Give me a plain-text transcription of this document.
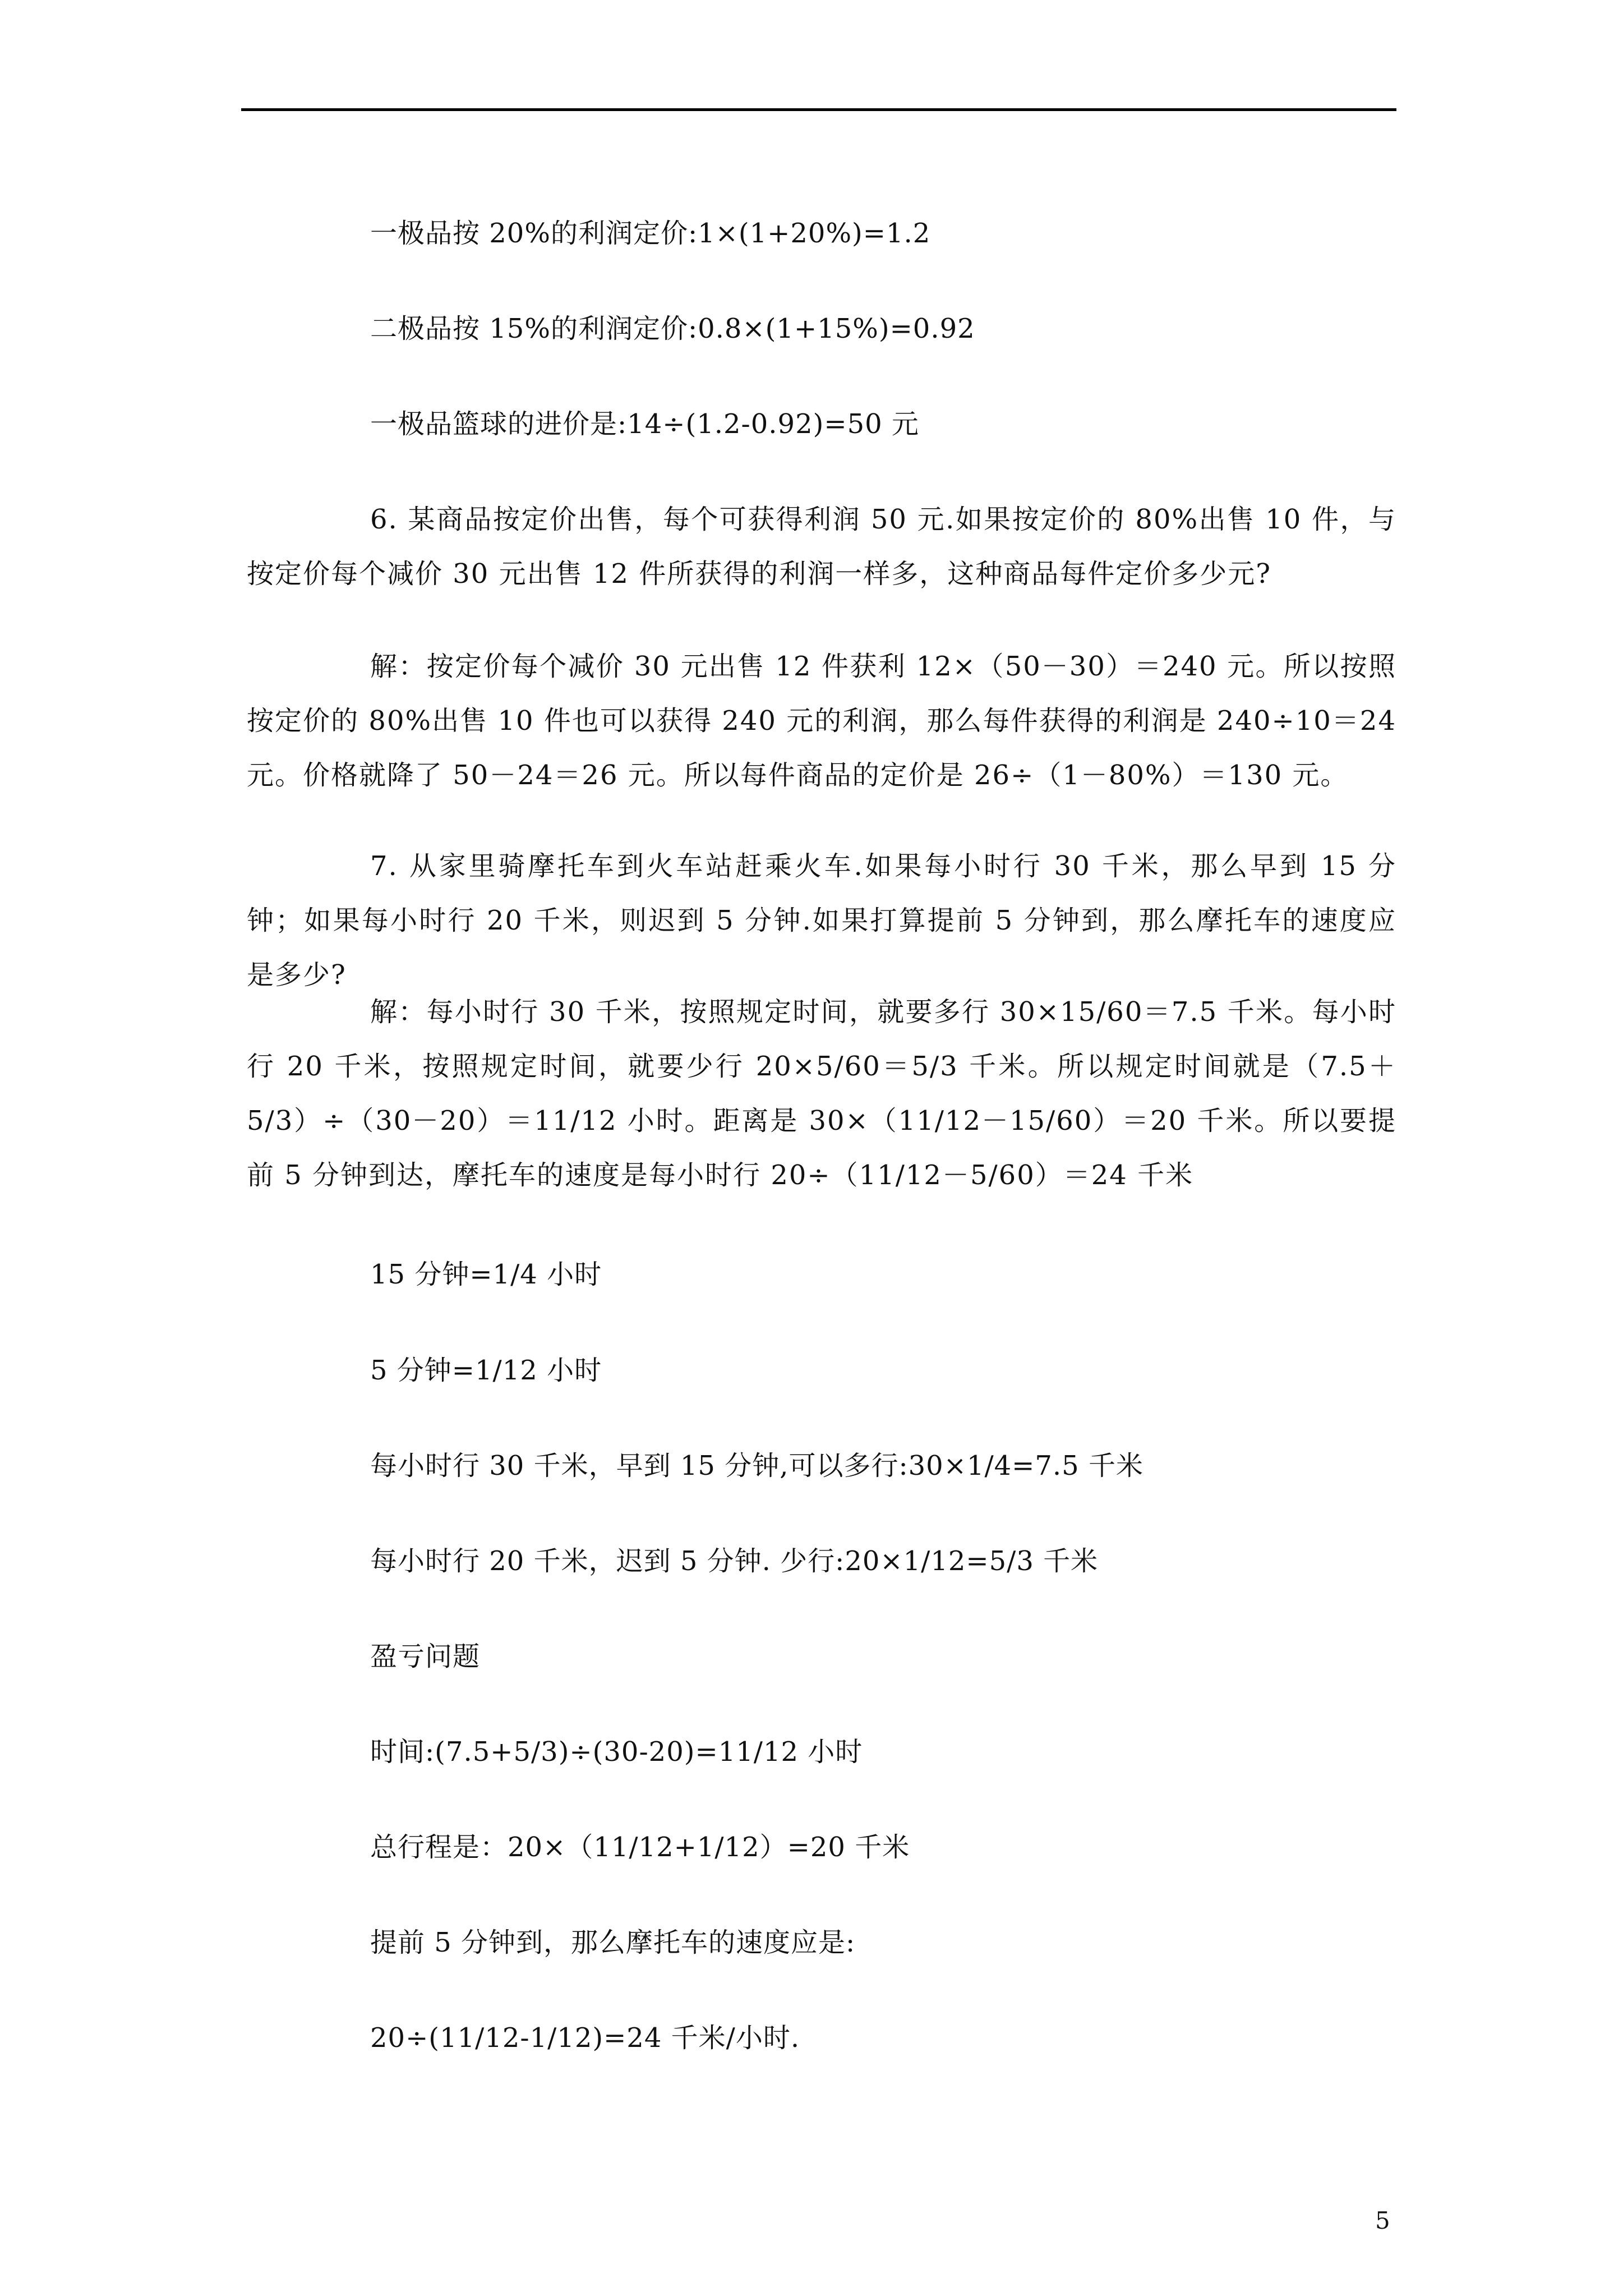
一极品按 20%的利润定价:1×(1+20%)=1.2
二极品按 15%的利润定价:0.8×(1+15%)=0.92
一极品篮球的进价是:14÷(1.2-0.92)=50 元
6. 某商品按定价出售，每个可获得利润 50 元.如果按定价的 80%出售 10 件，与按定价每个减价 30 元出售 12 件所获得的利润一样多，这种商品每件定价多少元?
解：按定价每个减价 30 元出售 12 件获利 12×（50－30）＝240 元。所以按照按定价的 80%出售 10 件也可以获得 240 元的利润，那么每件获得的利润是 240÷10＝24 元。价格就降了 50－24＝26 元。所以每件商品的定价是 26÷（1－80%）＝130 元。
7. 从家里骑摩托车到火车站赶乘火车.如果每小时行 30 千米，那么早到 15 分钟；如果每小时行 20 千米，则迟到 5 分钟.如果打算提前 5 分钟到，那么摩托车的速度应是多少?
解：每小时行 30 千米，按照规定时间，就要多行 30×15/60＝7.5 千米。每小时行 20 千米，按照规定时间，就要少行 20×5/60＝5/3 千米。所以规定时间就是（7.5＋5/3）÷（30－20）＝11/12 小时。距离是 30×（11/12－15/60）＝20 千米。所以要提前 5 分钟到达，摩托车的速度是每小时行 20÷（11/12－5/60）＝24 千米
15 分钟=1/4 小时
5 分钟=1/12 小时
每小时行 30 千米，早到 15 分钟,可以多行:30×1/4=7.5 千米
每小时行 20 千米，迟到 5 分钟. 少行:20×1/12=5/3 千米
盈亏问题
时间:(7.5+5/3)÷(30-20)=11/12 小时
总行程是：20×（11/12+1/12）=20 千米
提前 5 分钟到，那么摩托车的速度应是:
20÷(11/12-1/12)=24 千米/小时.
5
